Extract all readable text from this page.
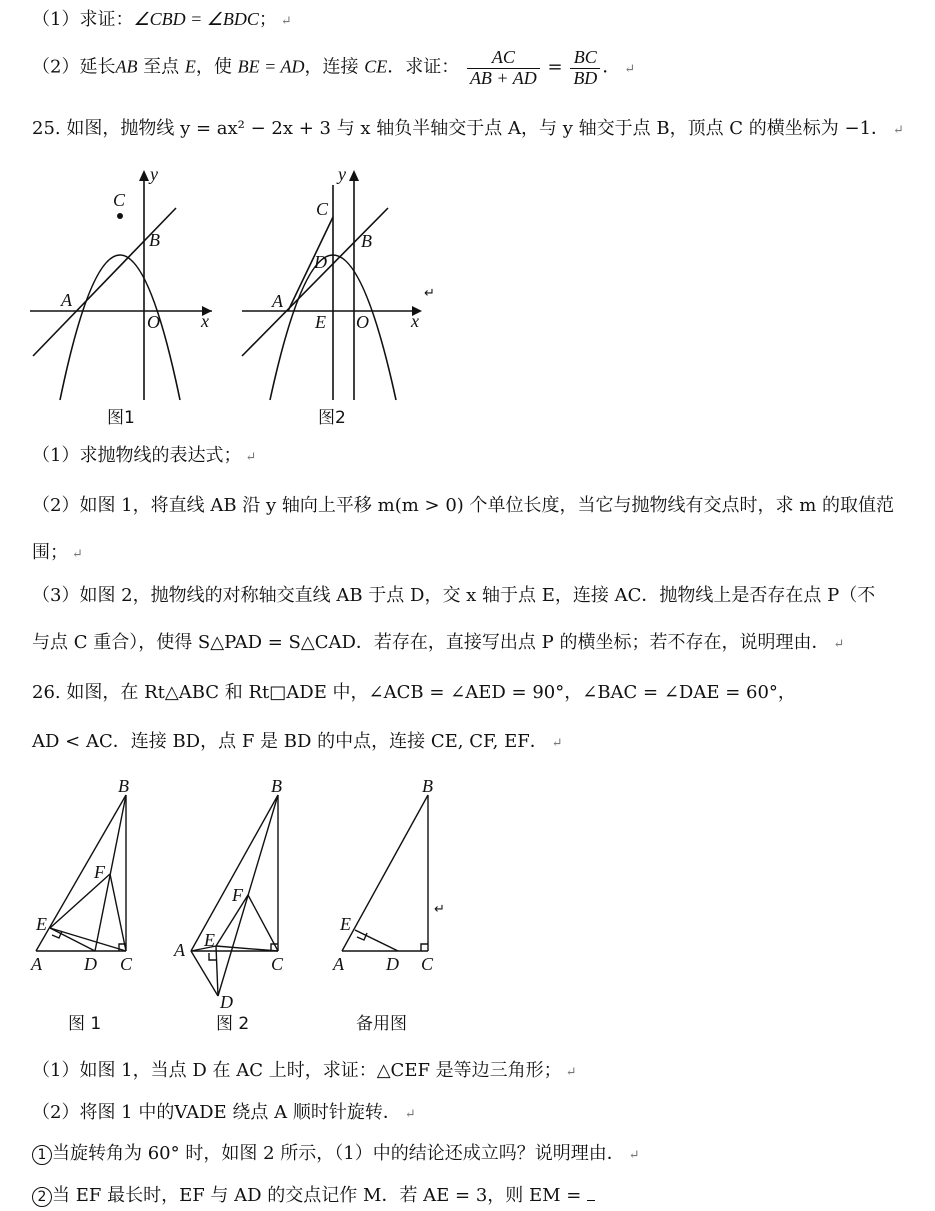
（1）求证：∠CBD = ∠BDC； ↵
（2）延长AB 至点 E，使 BE = AD，连接 CE．求证： $\frac{AC}{AB + AD} = \frac{BC}{BD}$ ． ↵
25. 如图，抛物线 y = ax² − 2x + 3 与 x 轴负半轴交于点 A，与 y 轴交于点 B，顶点 C 的横坐标为 −1． ↵
y
x
C
B
A
O
图1
y
x
C
B
D
A
E O
图2
↵
（1）求抛物线的表达式； ↵
（2）如图 1，将直线 AB 沿 y 轴向上平移 m(m > 0) 个单位长度，当它与抛物线有交点时，求 m 的取值范
围； ↵
（3）如图 2，抛物线的对称轴交直线 AB 于点 D，交 x 轴于点 E，连接 AC．抛物线上是否存在点 P（不
与点 C 重合），使得 S△PAD = S△CAD．若存在，直接写出点 P 的横坐标；若不存在，说明理由． ↵
26. 如图，在 Rt△ABC 和 Rt□ADE 中，∠ACB = ∠AED = 90°，∠BAC = ∠DAE = 60°，
AD < AC．连接 BD，点 F 是 BD 的中点，连接 CE, CF, EF． ↵
B
F
E
A D C
图 1
B
F
E
A
C
D
图 2
B
E
A D C
↵
备用图
（1）如图 1，当点 D 在 AC 上时，求证：△CEF 是等边三角形； ↵
（2）将图 1 中的VADE 绕点 A 顺时针旋转． ↵
1 当旋转角为 60° 时，如图 2 所示，（1）中的结论还成立吗？说明理由． ↵
2 当 EF 最长时，EF 与 AD 的交点记作 M．若 AE = 3，则 EM =
